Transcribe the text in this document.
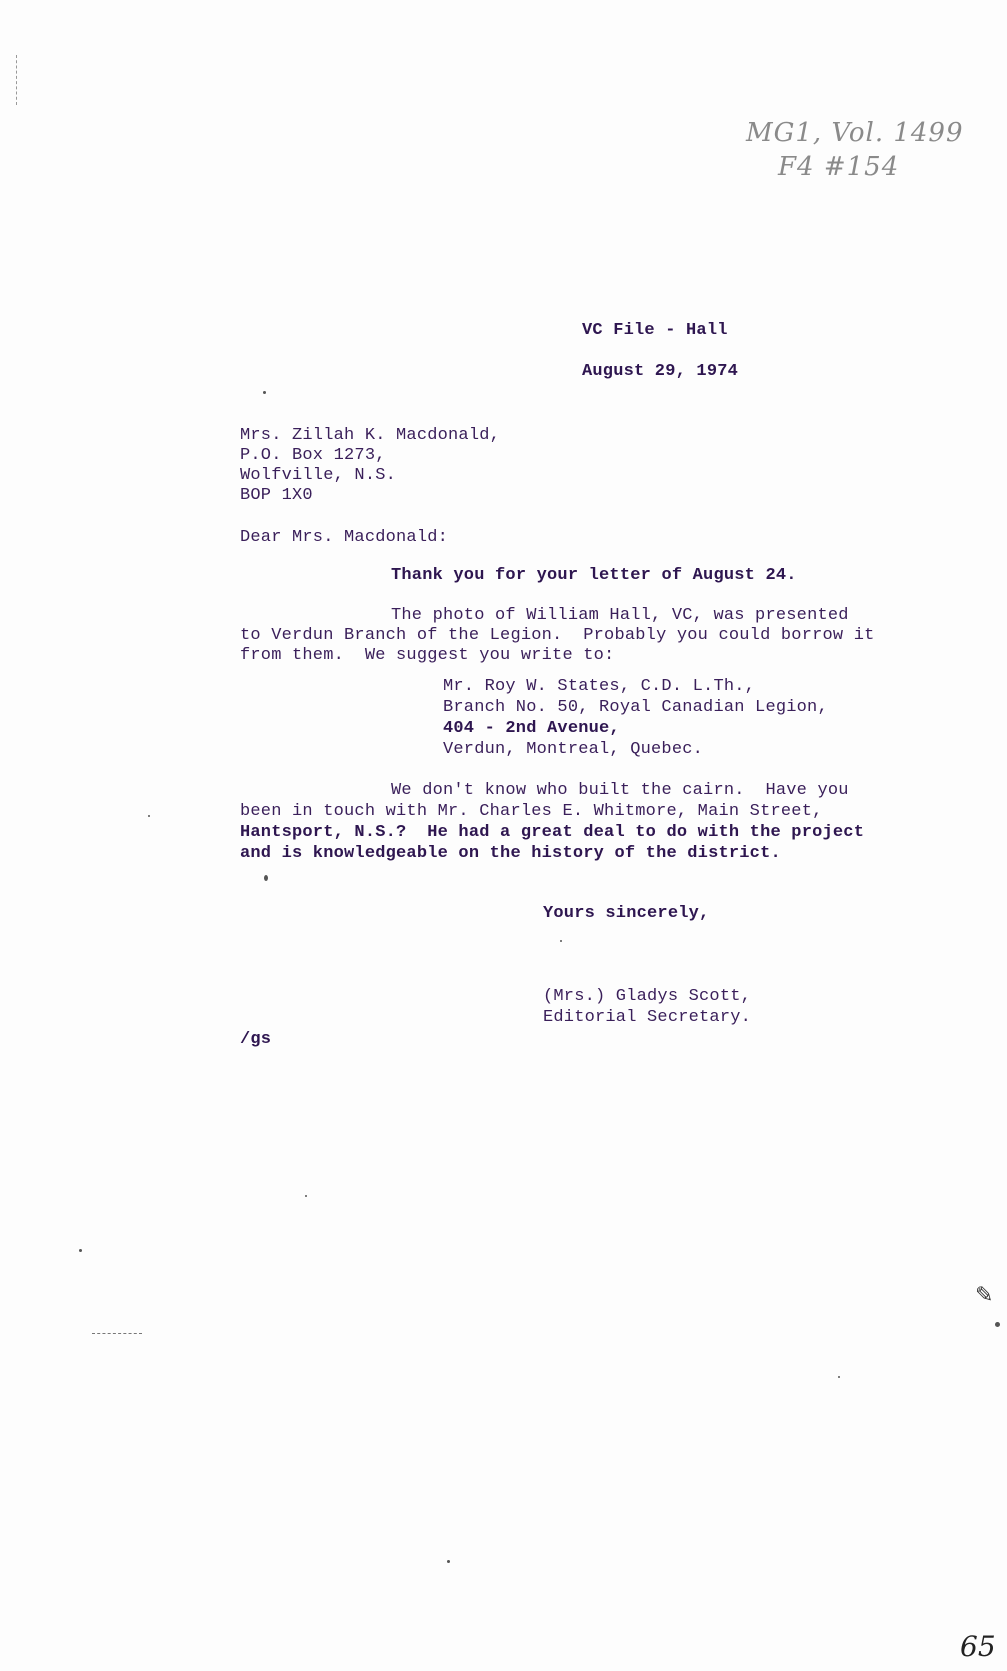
MG1, Vol. 1499
F4 #154
VC File - Hall
August 29, 1974
Mrs. Zillah K. Macdonald,
P.O. Box 1273,
Wolfville, N.S.
BOP 1X0
Dear Mrs. Macdonald:
Thank you for your letter of August 24.
The photo of William Hall, VC, was presented
to Verdun Branch of the Legion.  Probably you could borrow it
from them.  We suggest you write to:
Mr. Roy W. States, C.D. L.Th.,
Branch No. 50, Royal Canadian Legion,
404 - 2nd Avenue,
Verdun, Montreal, Quebec.
We don't know who built the cairn.  Have you
been in touch with Mr. Charles E. Whitmore, Main Street,
Hantsport, N.S.?  He had a great deal to do with the project
and is knowledgeable on the history of the district.
Yours sincerely,
(Mrs.) Gladys Scott,
Editorial Secretary.
/gs
✎
65
